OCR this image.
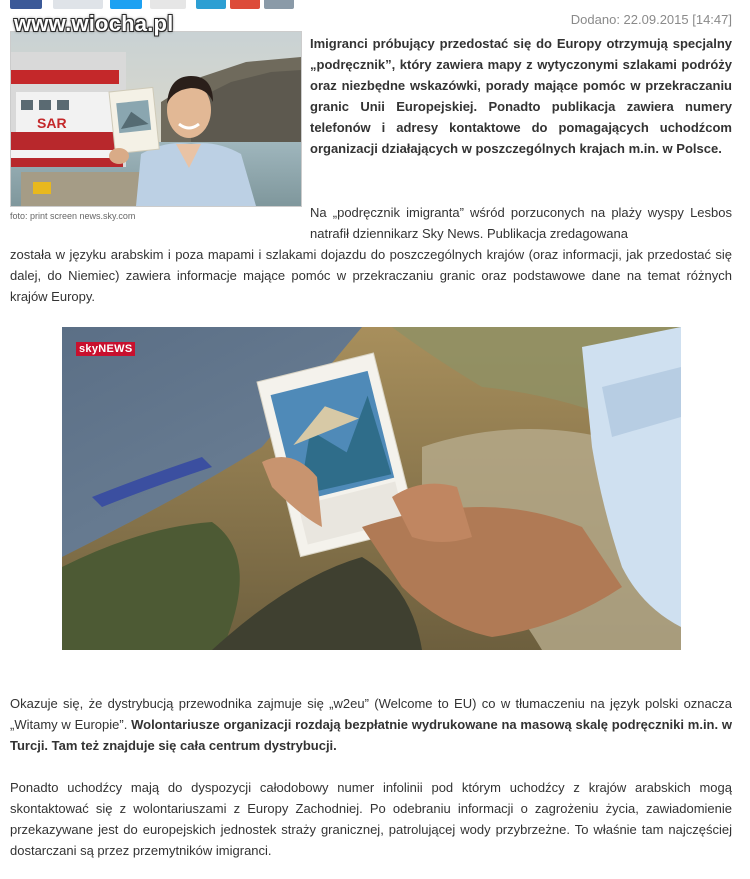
www.wiocha.pl	Dodano: 22.09.2015 [14:47]
SAR
foto: print screen news.sky.com
Imigranci próbujący przedostać się do Europy otrzymują specjalny „podręcznik”, który zawiera mapy z wytyczonymi szlakami podróży oraz niezbędne wskazówki, porady mające pomóc w przekraczaniu granic Unii Europejskiej. Ponadto publikacja zawiera numery telefonów i adresy kontaktowe do pomagających uchodźcom organizacji działających w poszczególnych krajach m.in. w Polsce.
Na „podręcznik imigranta” wśród porzuconych na plaży wyspy Lesbos natrafił dziennikarz Sky News. Publikacja zredagowana
została w języku arabskim i poza mapami i szlakami dojazdu do poszczególnych krajów (oraz informacji, jak przedostać się dalej, do Niemiec) zawiera informacje mające pomóc w przekraczaniu granic oraz podstawowe dane na temat różnych krajów Europy.
skyNEWS
Okazuje się, że dystrybucją przewodnika zajmuje się „w2eu” (Welcome to EU) co w tłumaczeniu na język polski oznacza „Witamy w Europie”. Wolontariusze organizacji rozdają bezpłatnie wydrukowane na masową skalę podręczniki m.in. w Turcji. Tam też znajduje się cała centrum dystrybucji.
Ponadto uchodźcy mają do dyspozycji całodobowy numer infolinii pod którym uchodźcy z krajów arabskich mogą skontaktować się z wolontariuszami z Europy Zachodniej. Po odebraniu informacji o zagrożeniu życia, zawiadomienie przekazywane jest do europejskich jednostek straży granicznej, patrolującej wody przybrzeżne. To właśnie tam najczęściej dostarczani są przez przemytników imigranci.
